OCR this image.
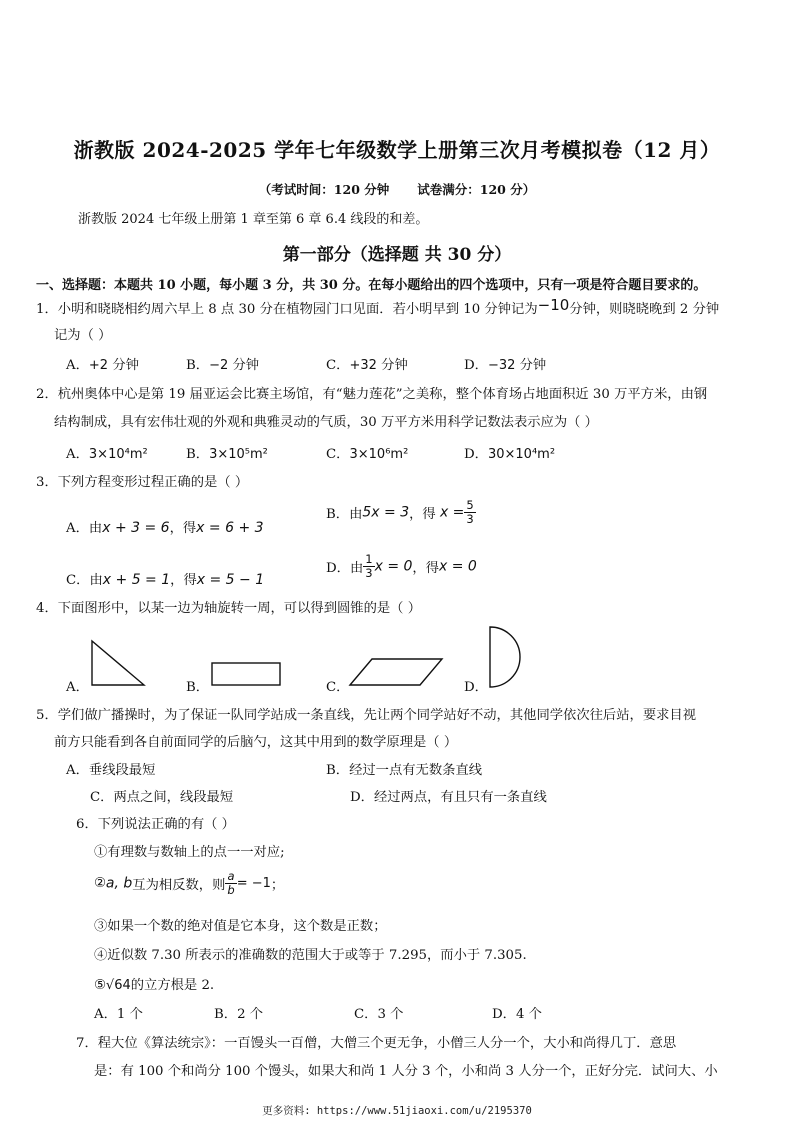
浙教版 2024-2025 学年七年级数学上册第三次月考模拟卷（12 月）
（考试时间：120 分钟 试卷满分：120 分）
浙教版 2024 七年级上册第 1 章至第 6 章 6.4 线段的和差。
第一部分（选择题 共 30 分）
一、选择题：本题共 10 小题，每小题 3 分，共 30 分。在每小题给出的四个选项中，只有一项是符合题目要求的。
1．小明和晓晓相约周六早上 8 点 30 分在植物园门口见面．若小明早到 10 分钟记为−10分钟，则晓晓晚到 2 分钟
记为（ ）
A．+2 分钟	B．−2 分钟	C．+32 分钟	D．−32 分钟
2．杭州奥体中心是第 19 届亚运会比赛主场馆，有“魅力莲花”之美称，整个体育场占地面积近 30 万平方米，由钢
结构制成，具有宏伟壮观的外观和典雅灵动的气质，30 万平方米用科学记数法表示应为（ ）
A．3×10⁴m²	B．3×10⁵m²	C．3×10⁶m²	D．30×10⁴m²
3．下列方程变形过程正确的是（ ）
A．由x + 3 = 6，得x = 6 + 3
B．由5x = 3，得 $x = \frac{5}{3}$
C．由x + 5 = 1，得x = 5 − 1
D．由 $\frac{1}{3}$ x = 0，得x = 0
4．下面图形中，以某一边为轴旋转一周，可以得到圆锥的是（ ）
A．	B．	C．	D．
5．学们做广播操时，为了保证一队同学站成一条直线，先让两个同学站好不动，其他同学依次往后站，要求目视
前方只能看到各自前面同学的后脑勺，这其中用到的数学原理是（ ）
A．垂线段最短	B．经过一点有无数条直线
C．两点之间，线段最短	D．经过两点，有且只有一条直线
6．下列说法正确的有（ ）
①有理数与数轴上的点一一对应;
②a, b互为相反数，则 $\frac{a}{b} = -1$；
③如果一个数的绝对值是它本身，这个数是正数；
④近似数 7.30 所表示的准确数的范围大于或等于 7.295，而小于 7.305.
⑤√64的立方根是 2.
A．1 个	B．2 个	C．3 个	D．4 个
7．程大位《算法统宗》：一百馒头一百僧，大僧三个更无争，小僧三人分一个，大小和尚得几丁．意思
是：有 100 个和尚分 100 个馒头，如果大和尚 1 人分 3 个，小和尚 3 人分一个，正好分完．试问大、小
更多资料: https://www.51jiaoxi.com/u/2195370
